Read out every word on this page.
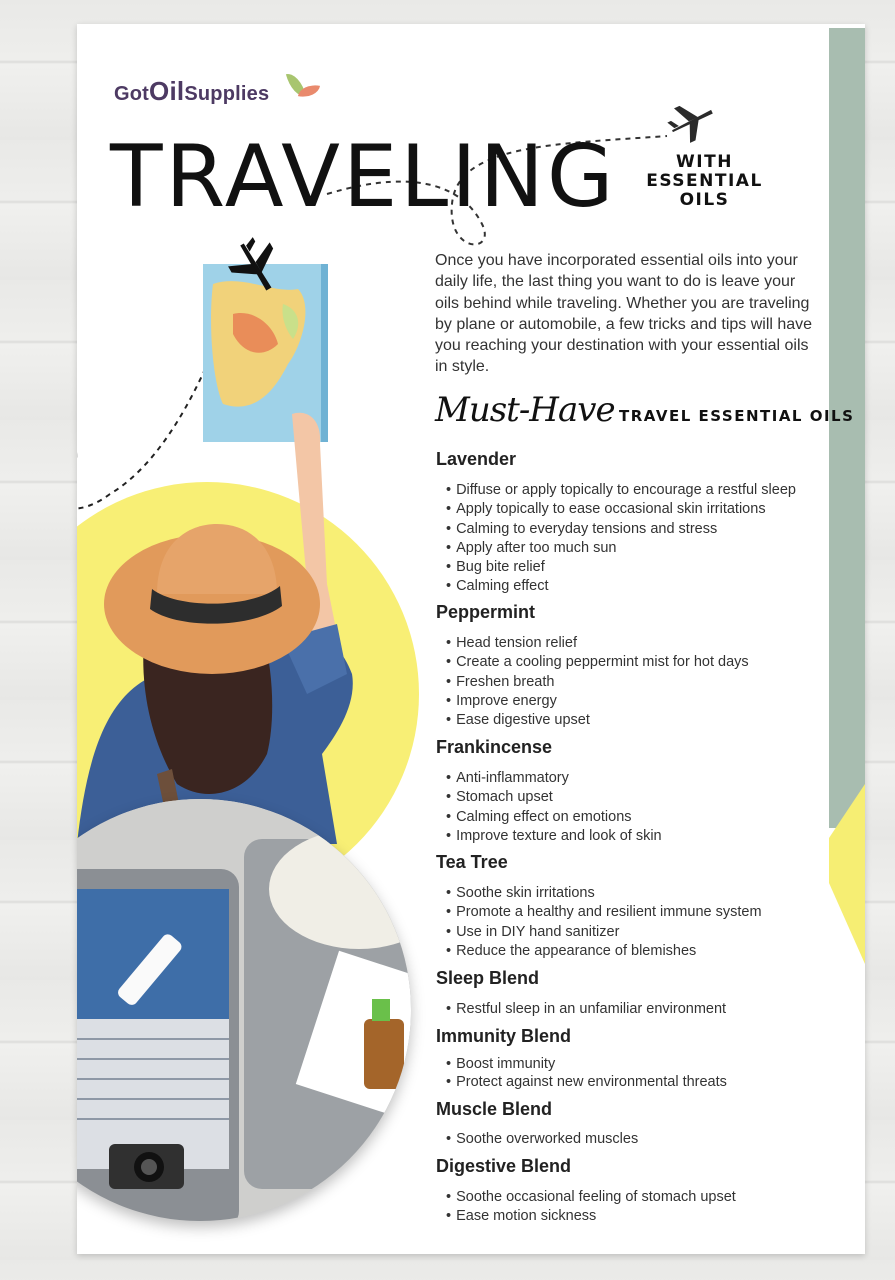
GotOilSupplies
TRAVELING	WITH
ESSENTIAL
OILS
Once you have incorporated essential oils into your daily life, the last thing you want to do is leave your oils behind while traveling. Whether you are traveling by plane or automobile, a few tricks and tips will have you reaching your destination with your essential oils in style.
Must-Have TRAVEL ESSENTIAL OILS
Lavender
• Diffuse or apply topically to encourage a restful sleep
• Apply topically to ease occasional skin irritations
• Calming to everyday tensions and stress
• Apply after too much sun
• Bug bite relief
• Calming effect
Peppermint
• Head tension relief
• Create a cooling peppermint mist for hot days
• Freshen breath
• Improve energy
• Ease digestive upset
Frankincense
• Anti-inflammatory
• Stomach upset
• Calming effect on emotions
• Improve texture and look of skin
Tea Tree
• Soothe skin irritations
• Promote a healthy and resilient immune system
• Use in DIY hand sanitizer
• Reduce the appearance of blemishes
Sleep Blend
• Restful sleep in an unfamiliar environment
Immunity Blend
• Boost immunity
• Protect against new environmental threats
Muscle Blend
• Soothe overworked muscles
Digestive Blend
• Soothe occasional feeling of stomach upset
• Ease motion sickness
